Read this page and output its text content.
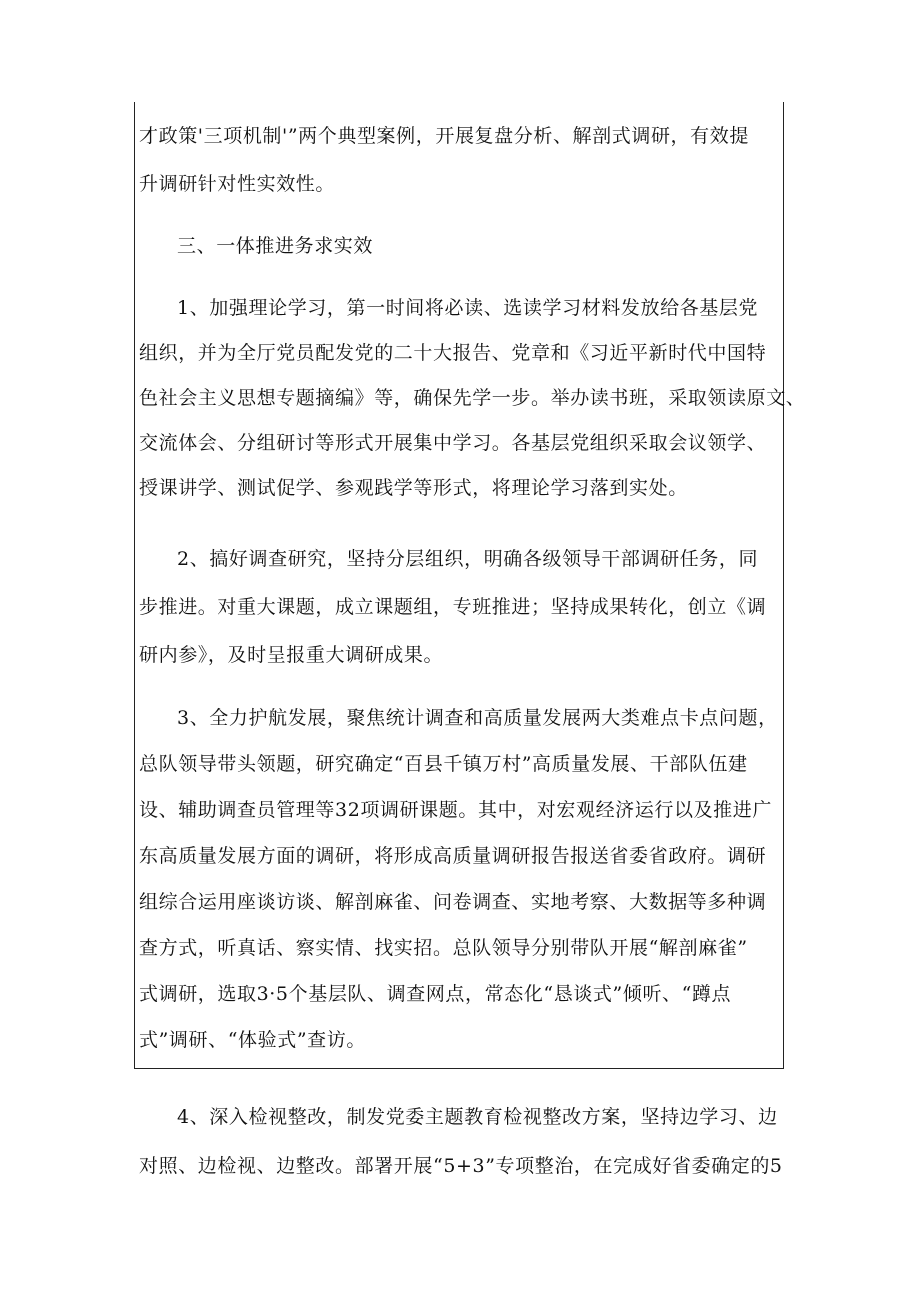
才政策'三项机制'”两个典型案例，开展复盘分析、解剖式调研，有效提
升调研针对性实效性。
三、一体推进务求实效
1、加强理论学习，第一时间将必读、选读学习材料发放给各基层党
组织，并为全厅党员配发党的二十大报告、党章和《习近平新时代中国特
色社会主义思想专题摘编》等，确保先学一步。举办读书班，采取领读原文、
交流体会、分组研讨等形式开展集中学习。各基层党组织采取会议领学、
授课讲学、测试促学、参观践学等形式，将理论学习落到实处。
2、搞好调查研究，坚持分层组织，明确各级领导干部调研任务，同
步推进。对重大课题，成立课题组，专班推进；坚持成果转化，创立《调
研内参》，及时呈报重大调研成果。
3、全力护航发展，聚焦统计调查和高质量发展两大类难点卡点问题，
总队领导带头领题，研究确定“百县千镇万村”高质量发展、干部队伍建
设、辅助调查员管理等32项调研课题。其中，对宏观经济运行以及推进广
东高质量发展方面的调研，将形成高质量调研报告报送省委省政府。调研
组综合运用座谈访谈、解剖麻雀、问卷调查、实地考察、大数据等多种调
查方式，听真话、察实情、找实招。总队领导分别带队开展“解剖麻雀”
式调研，选取3·5个基层队、调查网点，常态化“恳谈式”倾听、“蹲点
式”调研、“体验式”查访。
4、深入检视整改，制发党委主题教育检视整改方案，坚持边学习、边
对照、边检视、边整改。部署开展“5+3”专项整治，在完成好省委确定的5
